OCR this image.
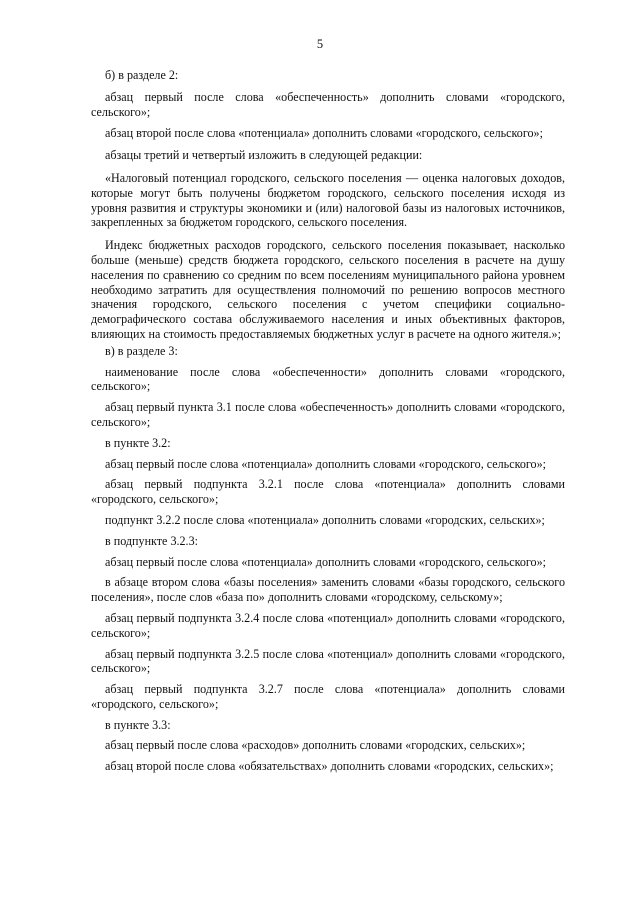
5

б) в разделе 2:

абзац первый после слова «обеспеченность» дополнить словами «городского, сельского»;

абзац второй после слова «потенциала» дополнить словами «городского, сельского»;

абзацы третий и четвертый изложить в следующей редакции:

«Налоговый потенциал городского, сельского поселения — оценка налоговых доходов, которые могут быть получены бюджетом городского, сельского поселения исходя из уровня развития и структуры экономики и (или) налоговой базы из налоговых источников, закрепленных за бюджетом городского, сельского поселения.

Индекс бюджетных расходов городского, сельского поселения показывает, насколько больше (меньше) средств бюджета городского, сельского поселения в расчете на душу населения по сравнению со средним по всем поселениям муниципального района уровнем необходимо затратить для осуществления полномочий по решению вопросов местного значения городского, сельского поселения с учетом специфики социально-демографического состава обслуживаемого населения и иных объективных факторов, влияющих на стоимость предоставляемых бюджетных услуг в расчете на одного жителя.»;

в) в разделе 3:

наименование после слова «обеспеченности» дополнить словами «городского, сельского»;

абзац первый пункта 3.1 после слова «обеспеченность» дополнить словами «городского, сельского»;

в пункте 3.2:

абзац первый после слова «потенциала» дополнить словами «городского, сельского»;

абзац первый подпункта 3.2.1 после слова «потенциала» дополнить словами «городского, сельского»;

подпункт 3.2.2 после слова «потенциала» дополнить словами «городских, сельских»;

в подпункте 3.2.3:

абзац первый после слова «потенциала» дополнить словами «городского, сельского»;

в абзаце втором слова «базы поселения» заменить словами «базы городского, сельского поселения», после слов «база по» дополнить словами «городскому, сельскому»;

абзац первый подпункта 3.2.4 после слова «потенциал» дополнить словами «городского, сельского»;

абзац первый подпункта 3.2.5 после слова «потенциал» дополнить словами «городского, сельского»;

абзац первый подпункта 3.2.7 после слова «потенциала» дополнить словами «городского, сельского»;

в пункте 3.3:

абзац первый после слова «расходов» дополнить словами «городских, сельских»;

абзац второй после слова «обязательствах» дополнить словами «городских, сельских»;
